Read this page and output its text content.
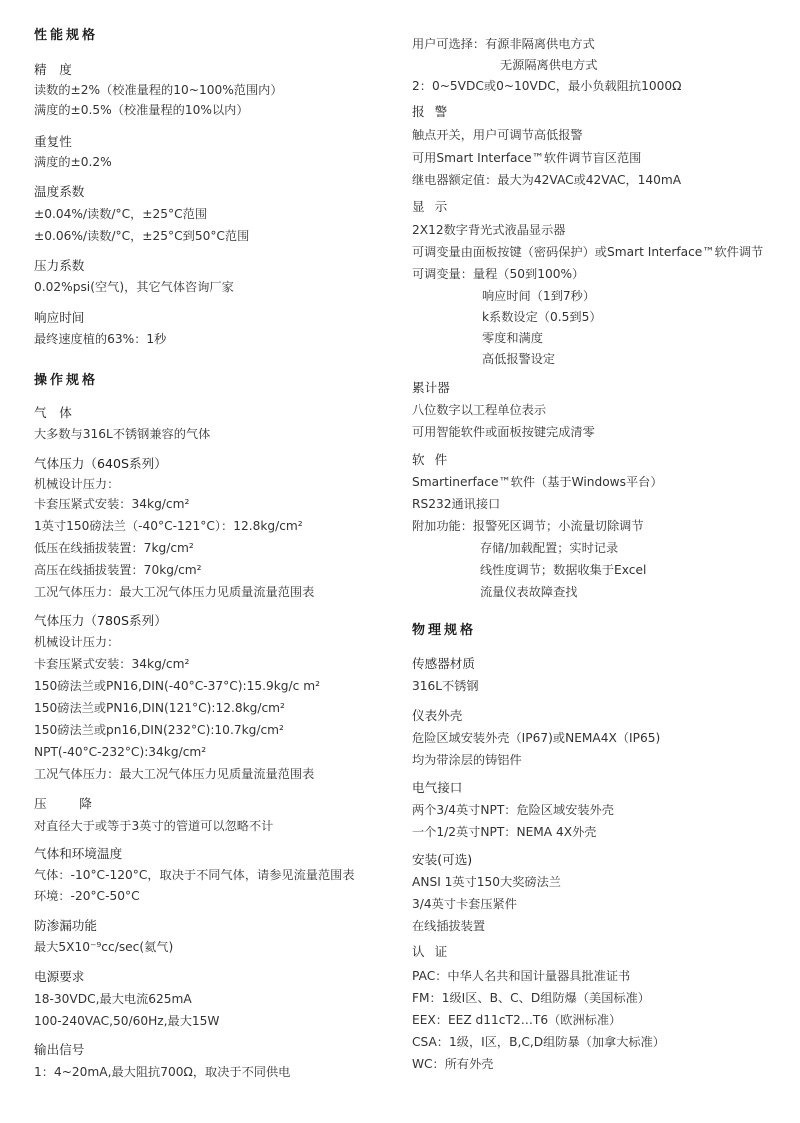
性能规格
精　度
读数的±2%（校准量程的10~100%范围内）
满度的±0.5%（校准量程的10%以内）
重复性
满度的±0.2%
温度系数
±0.04%/读数/°C，±25°C范围
±0.06%/读数/°C，±25°C到50°C范围
压力系数
0.02%psi(空气)，其它气体咨询厂家
响应时间
最终速度植的63%：1秒
操作规格
气　体
大多数与316L不锈钢兼容的气体
气体压力（640S系列）
机械设计压力：
卡套压紧式安装：34kg/cm²
1英寸150磅法兰（-40°C-121°C）：12.8kg/cm²
低压在线插拔装置：7kg/cm²
高压在线插拔装置：70kg/cm²
工况气体压力：最大工况气体压力见质量流量范围表
气体压力（780S系列）
机械设计压力：
卡套压紧式安装：34kg/cm²
150磅法兰或PN16,DIN(-40°C-37°C):15.9kg/c m²
150磅法兰或PN16,DIN(121°C):12.8kg/cm²
150磅法兰或pn16,DIN(232°C):10.7kg/cm²
NPT(-40°C-232°C):34kg/cm²
工况气体压力：最大工况气体压力见质量流量范围表
压　降
对直径大于或等于3英寸的管道可以忽略不计
气体和环境温度
气体：-10°C-120°C，取决于不同气体，请参见流量范围表
环境：-20°C-50°C
防渗漏功能
最大5X10⁻⁹cc/sec(氦气)
电源要求
18-30VDC,最大电流625mA
100-240VAC,50/60Hz,最大15W
输出信号
1：4~20mA,最大阻抗700Ω，取决于不同供电
用户可选择：有源非隔离供电方式
无源隔离供电方式
2：0~5VDC或0~10VDC，最小负载阻抗1000Ω
报警
触点开关，用户可调节高低报警
可用Smart Interface™软件调节盲区范围
继电器额定值：最大为42VAC或42VAC，140mA
显示
2X12数字背光式液晶显示器
可调变量由面板按键（密码保护）或Smart Interface™软件调节
可调变量：量程（50到100%）
响应时间（1到7秒）
k系数设定（0.5到5）
零度和满度
高低报警设定
累计器
八位数字以工程单位表示
可用智能软件或面板按键完成清零
软件
Smartinerface™软件（基于Windows平台）
RS232通讯接口
附加功能：报警死区调节；小流量切除调节
存储/加载配置；实时记录
线性度调节；数据收集于Excel
流量仪表故障查找
物理规格
传感器材质
316L不锈钢
仪表外壳
危险区域安装外壳（IP67)或NEMA4X（IP65)
均为带涂层的铸铝件
电气接口
两个3/4英寸NPT：危险区域安装外壳
一个1/2英寸NPT：NEMA 4X外壳
安装(可选)
ANSI 1英寸150大奖磅法兰
3/4英寸卡套压紧件
在线插拔装置
认证
PAC：中华人名共和国计量器具批准证书
FM：1级I区、B、C、D组防爆（美国标准）
EEX：EEZ d11cT2…T6（欧洲标准）
CSA：1级，I区，B,C,D组防暴（加拿大标准）
WC：所有外壳
